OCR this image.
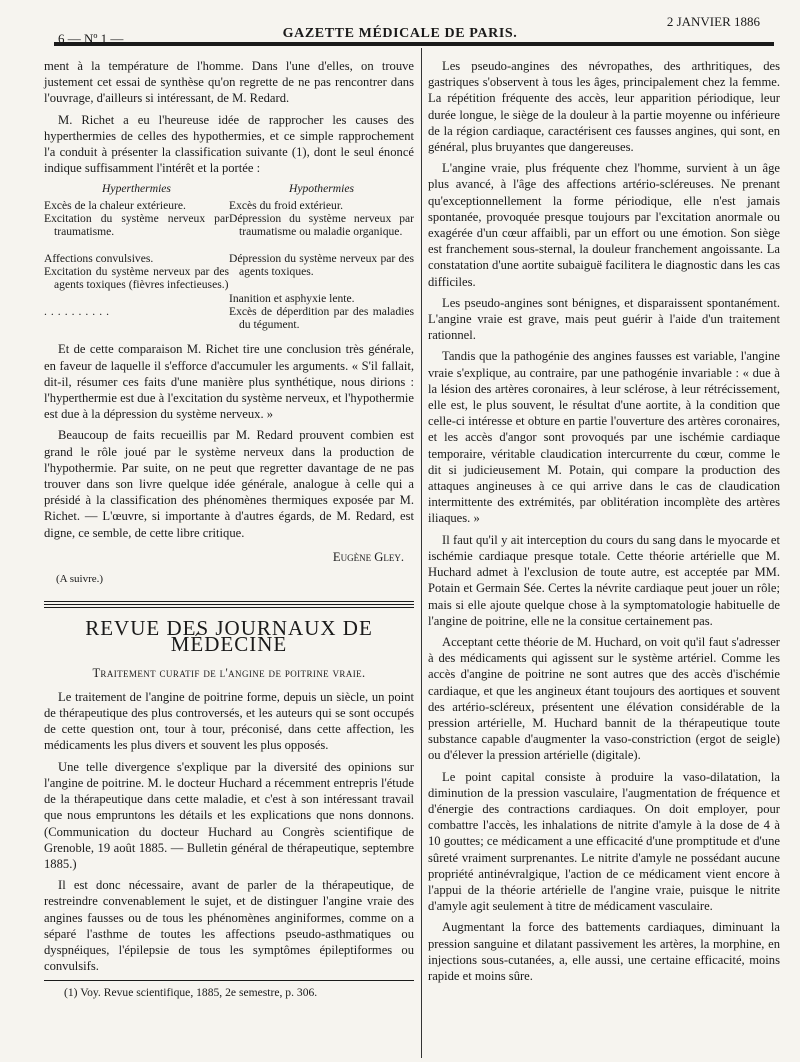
6 — Nº 1 —	GAZETTE MÉDICALE DE PARIS.
2 JANVIER 1886

ment à la température de l'homme. Dans l'une d'elles, on trouve justement cet essai de synthèse qu'on regrette de ne pas rencontrer dans l'ouvrage, d'ailleurs si intéressant, de M. Redard.

M. Richet a eu l'heureuse idée de rapprocher les causes des hyperthermies de celles des hypothermies, et ce simple rapprochement l'a conduit à présenter la classification suivante (1), dont le seul énoncé indique suffisamment l'intérêt et la portée :

Hyperthermies
Excès de la chaleur extérieure.
Excitation du système nerveux par traumatisme.
Affections convulsives.
Excitation du système nerveux par des agents toxiques (fièvres infectieuses.)
..........
Hypothermies
Excès du froid extérieur.
Dépression du système nerveux par traumatisme ou maladie organique.
Dépression du système nerveux par des agents toxiques.
Inanition et asphyxie lente.
Excès de déperdition par des maladies du tégument.

Et de cette comparaison M. Richet tire une conclusion très générale, en faveur de laquelle il s'efforce d'accumuler les arguments. « S'il fallait, dit-il, résumer ces faits d'une manière plus synthétique, nous dirions : l'hyperthermie est due à l'excitation du système nerveux, et l'hypothermie est due à la dépression du système nerveux. »

Beaucoup de faits recueillis par M. Redard prouvent combien est grand le rôle joué par le système nerveux dans la production de l'hypothermie. Par suite, on ne peut que regretter davantage de ne pas trouver dans son livre quelque idée générale, analogue à celle qui a présidé à la classification des phénomènes thermiques exposée par M. Richet. — L'œuvre, si importante à d'autres égards, de M. Redard, est digne, ce semble, de cette libre critique.

Eugène Gley.
(A suivre.)
REVUE DES JOURNAUX DE MÉDECINE
Traitement curatif de l'angine de poitrine vraie.

Le traitement de l'angine de poitrine forme, depuis un siècle, un point de thérapeutique des plus controversés, et les auteurs qui se sont occupés de cette question ont, tour à tour, préconisé, dans cette affection, les médicaments les plus divers et souvent les plus opposés.

Une telle divergence s'explique par la diversité des opinions sur l'angine de poitrine. M. le docteur Huchard a récemment entrepris l'étude de la thérapeutique dans cette maladie, et c'est à son intéressant travail que nous empruntons les détails et les explications que nons donnons. (Communication du docteur Huchard au Congrès scientifique de Grenoble, 19 août 1885. — Bulletin général de thérapeutique, septembre 1885.)

Il est donc nécessaire, avant de parler de la thérapeutique, de restreindre convenablement le sujet, et de distinguer l'angine vraie des angines fausses ou de tous les phénomènes anginiformes, comme on a séparé l'asthme de toutes les affections pseudo-asthmatiques ou dyspnéiques, l'épilepsie de tous les symptômes épileptiformes ou convulsifs.

(1) Voy. Revue scientifique, 1885, 2e semestre, p. 306.

Les pseudo-angines des névropathes, des arthritiques, des gastriques s'observent à tous les âges, principalement chez la femme. La répétition fréquente des accès, leur apparition périodique, leur durée longue, le siège de la douleur à la partie moyenne ou inférieure de la région cardiaque, caractérisent ces fausses angines, qui sont, en général, plus bruyantes que dangereuses.

L'angine vraie, plus fréquente chez l'homme, survient à un âge plus avancé, à l'âge des affections artério-scléreuses. Ne prenant qu'exceptionnellement la forme périodique, elle n'est jamais spontanée, provoquée presque toujours par l'excitation anormale ou exagérée d'un cœur affaibli, par un effort ou une émotion. Son siège est franchement sous-sternal, la douleur franchement angoissante. La constatation d'une aortite subaiguë facilitera le diagnostic dans les cas difficiles.

Les pseudo-angines sont bénignes, et disparaissent spontanément. L'angine vraie est grave, mais peut guérir à l'aide d'un traitement rationnel.

Tandis que la pathogénie des angines fausses est variable, l'angine vraie s'explique, au contraire, par une pathogénie invariable : « due à la lésion des artères coronaires, à leur sclérose, à leur rétrécissement, elle est, le plus souvent, le résultat d'une aortite, à la condition que celle-ci intéresse et obture en partie l'ouverture des artères coronaires, et les accès d'angor sont provoqués par une ischémie cardiaque temporaire, véritable claudication intercurrente du cœur, comme le dit si judicieusement M. Potain, qui compare la production des attaques angineuses à ce qui arrive dans le cas de claudication intermittente des extrémités, par oblitération incomplète des artères iliaques. »

Il faut qu'il y ait interception du cours du sang dans le myocarde et ischémie cardiaque presque totale. Cette théorie artérielle que M. Huchard admet à l'exclusion de toute autre, est acceptée par MM. Potain et Germain Sée. Certes la névrite cardiaque peut jouer un rôle; mais si elle ajoute quelque chose à la symptomatologie habituelle de l'angine de poitrine, elle ne la consitue certainement pas.

Acceptant cette théorie de M. Huchard, on voit qu'il faut s'adresser à des médicaments qui agissent sur le système artériel. Comme les accès d'angine de poitrine ne sont autres que des accès d'ischémie cardiaque, et que les angineux étant toujours des aortiques et souvent des artério-scléreux, présentent une élévation considérable de la pression artérielle, M. Huchard bannit de la thérapeutique toute substance capable d'augmenter la vaso-constriction (ergot de seigle) ou d'élever la pression artérielle (digitale).

Le point capital consiste à produire la vaso-dilatation, la diminution de la pression vasculaire, l'augmentation de fréquence et d'énergie des contractions cardiaques. On doit employer, pour combattre l'accès, les inhalations de nitrite d'amyle à la dose de 4 à 10 gouttes; ce médicament a une efficacité d'une promptitude et d'une sûreté vraiment surprenantes. Le nitrite d'amyle ne possédant aucune propriété antinévralgique, l'action de ce médicament vient encore à l'appui de la théorie artérielle de l'angine vraie, puisque le nitrite d'amyle agit seulement à titre de médicament vasculaire.

Augmentant la force des battements cardiaques, diminuant la pression sanguine et dilatant passivement les artères, la morphine, en injections sous-cutanées, a, elle aussi, une certaine efficacité, moins rapide et moins sûre.
